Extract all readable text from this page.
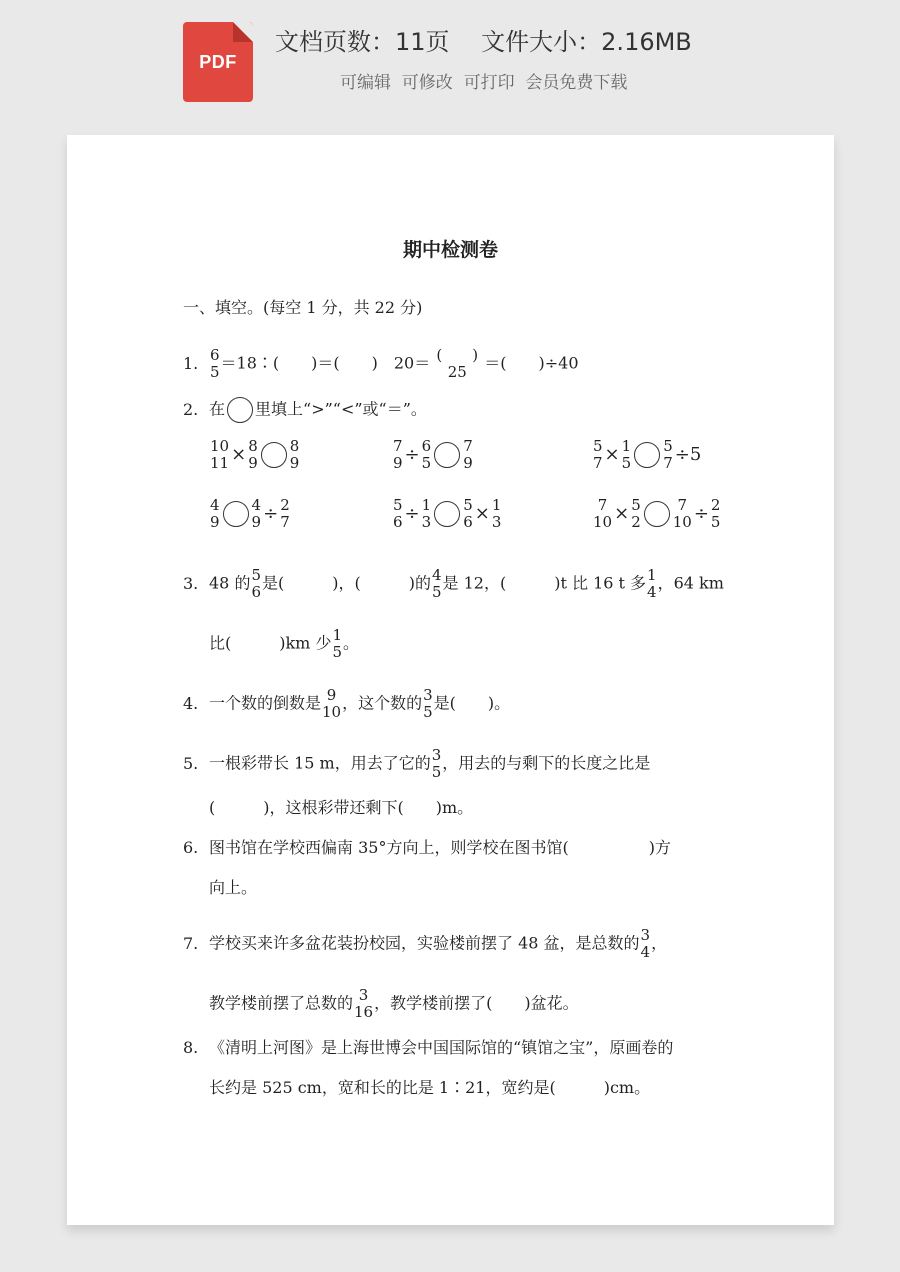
PDF
文档页数：11页　 文件大小：2.16MB
可编辑  可修改  可打印  会员免费下载
期中检测卷
一、填空。(每空 1 分，共 22 分)
1. 6
5 ＝18∶(　　)＝(　　)　20＝ (　　)
25 ＝(　　)÷40
2. 在 里填上“>”“<”或“＝”。
10
11 × 8
9
8
9
7
9 ÷ 6
5
7
9
5
7 × 1
5
5
7 ÷5
4
9
4
9 ÷ 2
7
5
6 ÷ 1
3
5
6 × 1
3
7
10 × 5
2
7
10 ÷ 2
5
3. 48 的 5
6 是(　　　)，(　　　)的 4
5 是 12，(　　　)t 比 16 t 多 1
4 ，64 km
比(　　　)km 少 1
5 。
4. 一个数的倒数是 9
10 ，这个数的 3
5 是(　　)。
5. 一根彩带长 15 m，用去了它的 3
5 ，用去的与剩下的长度之比是
(　　　)，这根彩带还剩下(　　)m。
6. 图书馆在学校西偏南 35°方向上，则学校在图书馆(　　　　　)方
向上。
7. 学校买来许多盆花装扮校园，实验楼前摆了 48 盆，是总数的 3
4 ，
教学楼前摆了总数的 3
16 ，教学楼前摆了(　　)盆花。
8. 《清明上河图》是上海世博会中国国际馆的“镇馆之宝”，原画卷的
长约是 525 cm，宽和长的比是 1∶21，宽约是(　　　)cm。
